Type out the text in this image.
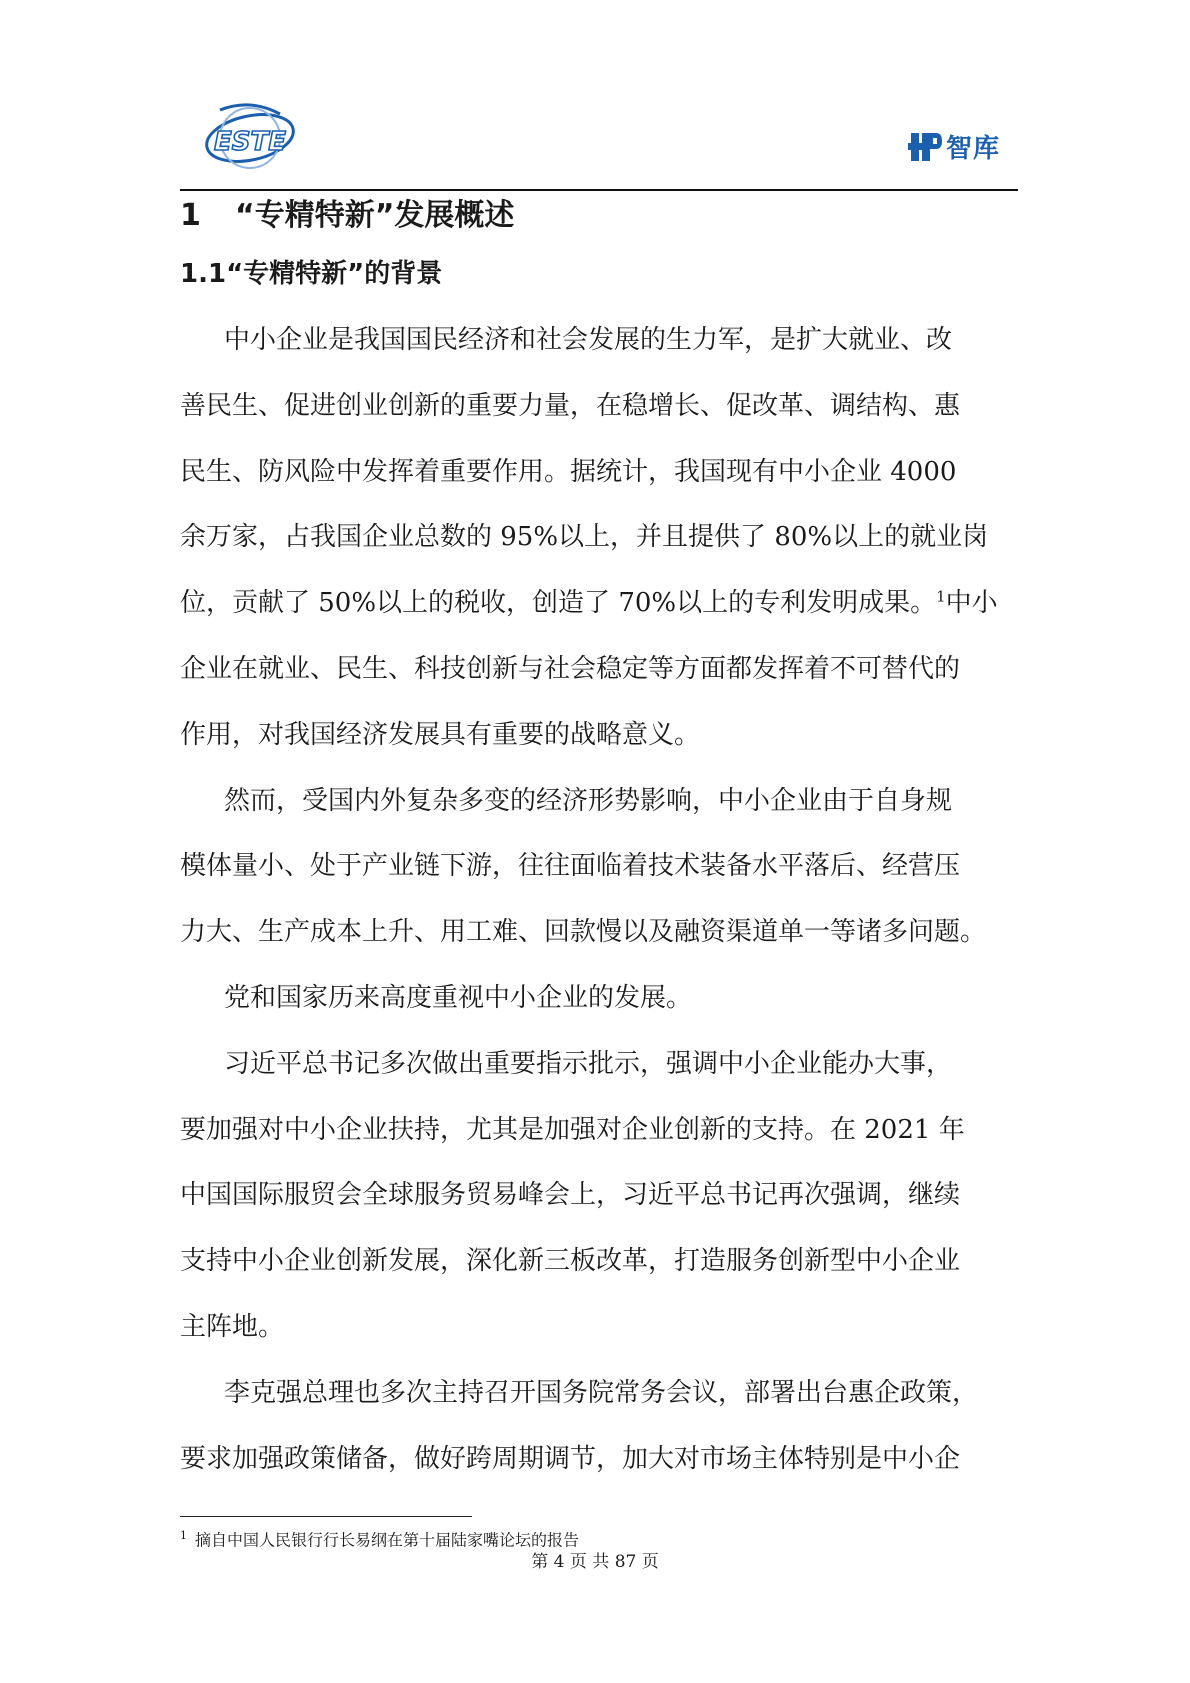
ESTE	智库
1 “专精特新”发展概述
1.1“专精特新”的背景

中小企业是我国国民经济和社会发展的生力军，是扩大就业、改

善民生、促进创业创新的重要力量，在稳增长、促改革、调结构、惠

民生、防风险中发挥着重要作用。据统计，我国现有中小企业 4000

余万家，占我国企业总数的 95%以上，并且提供了 80%以上的就业岗

位，贡献了 50%以上的税收，创造了 70%以上的专利发明成果。$^1$中小

企业在就业、民生、科技创新与社会稳定等方面都发挥着不可替代的

作用，对我国经济发展具有重要的战略意义。

然而，受国内外复杂多变的经济形势影响，中小企业由于自身规

模体量小、处于产业链下游，往往面临着技术装备水平落后、经营压

力大、生产成本上升、用工难、回款慢以及融资渠道单一等诸多问题。

党和国家历来高度重视中小企业的发展。

习近平总书记多次做出重要指示批示，强调中小企业能办大事，

要加强对中小企业扶持，尤其是加强对企业创新的支持。在 2021 年

中国国际服贸会全球服务贸易峰会上，习近平总书记再次强调，继续

支持中小企业创新发展，深化新三板改革，打造服务创新型中小企业

主阵地。

李克强总理也多次主持召开国务院常务会议，部署出台惠企政策，

要求加强政策储备，做好跨周期调节，加大对市场主体特别是中小企

$^1$ 摘自中国人民银行行长易纲在第十届陆家嘴论坛的报告
第 4 页 共 87 页
